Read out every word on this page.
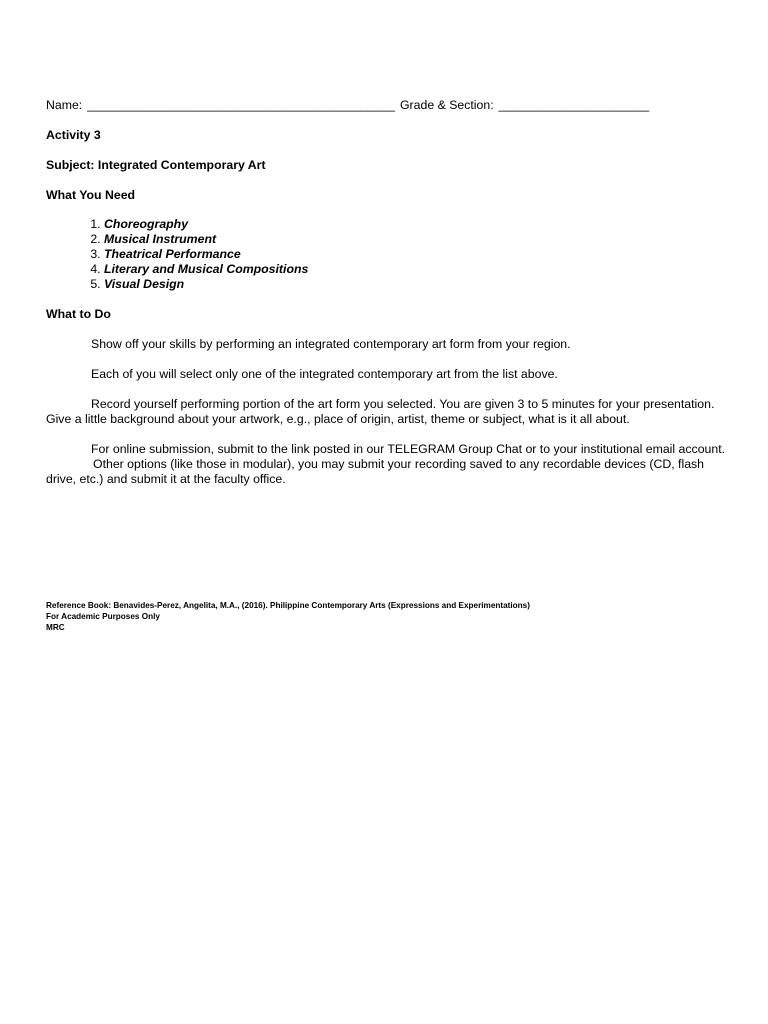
Name: _____________________________________________ Grade & Section: ______________________
Activity 3
Subject: Integrated Contemporary Art
What You Need
1. Choreography
2. Musical Instrument
3. Theatrical Performance
4. Literary and Musical Compositions
5. Visual Design
What to Do

Show off your skills by performing an integrated contemporary art form from your region.

Each of you will select only one of the integrated contemporary art from the list above.

Record yourself performing portion of the art form you selected. You are given 3 to 5 minutes for your presentation. Give a little background about your artwork, e.g., place of origin, artist, theme or subject, what is it all about.

For online submission, submit to the link posted in our TELEGRAM Group Chat or to your institutional email account.

Other options (like those in modular), you may submit your recording saved to any recordable devices (CD, flash drive, etc.) and submit it at the faculty office.

Reference Book: Benavides-Perez, Angelita, M.A., (2016). Philippine Contemporary Arts (Expressions and Experimentations)
For Academic Purposes Only
MRC
